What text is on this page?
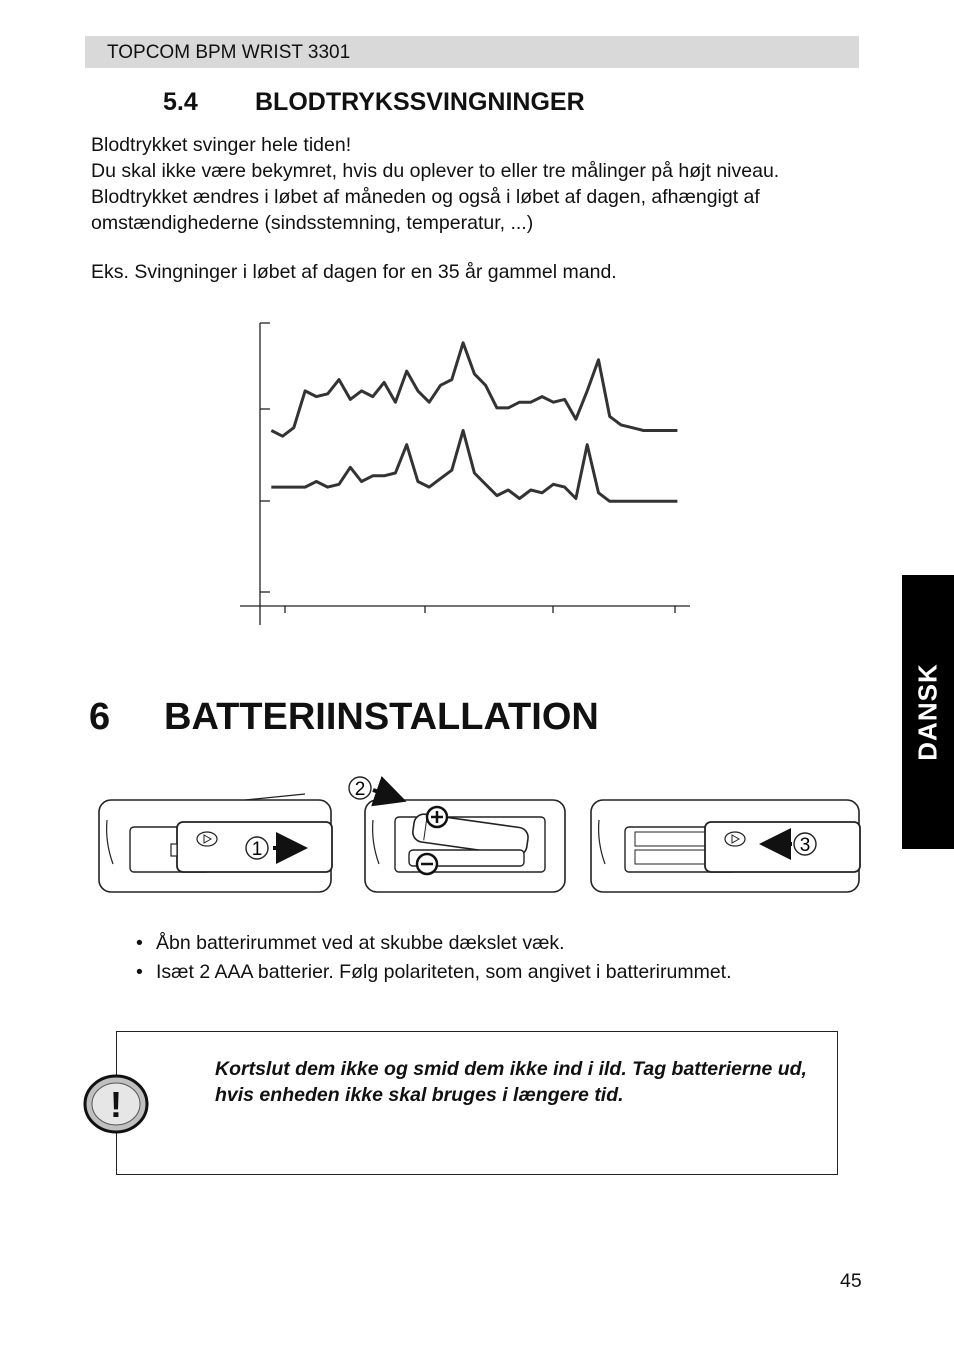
TOPCOM BPM WRIST 3301
5.4 BLODTRYKSSVINGNINGER

Blodtrykket svinger hele tiden!

Du skal ikke være bekymret, hvis du oplever to eller tre målinger på højt niveau.

Blodtrykket ændres i løbet af måneden og også i løbet af dagen, afhængigt af

omstændighederne (sindsstemning, temperatur, ...)

Eks. Svingninger i løbet af dagen for en 35 år gammel mand.
6 BATTERIINSTALLATION
1
2
3
• Åbn batterirummet ved at skubbe dækslet væk.
• Isæt 2 AAA batterier. Følg polariteten, som angivet i batterirummet.
!
Kortslut dem ikke og smid dem ikke ind i ild. Tag batterierne ud, hvis enheden ikke skal bruges i længere tid.
DANSK
45
